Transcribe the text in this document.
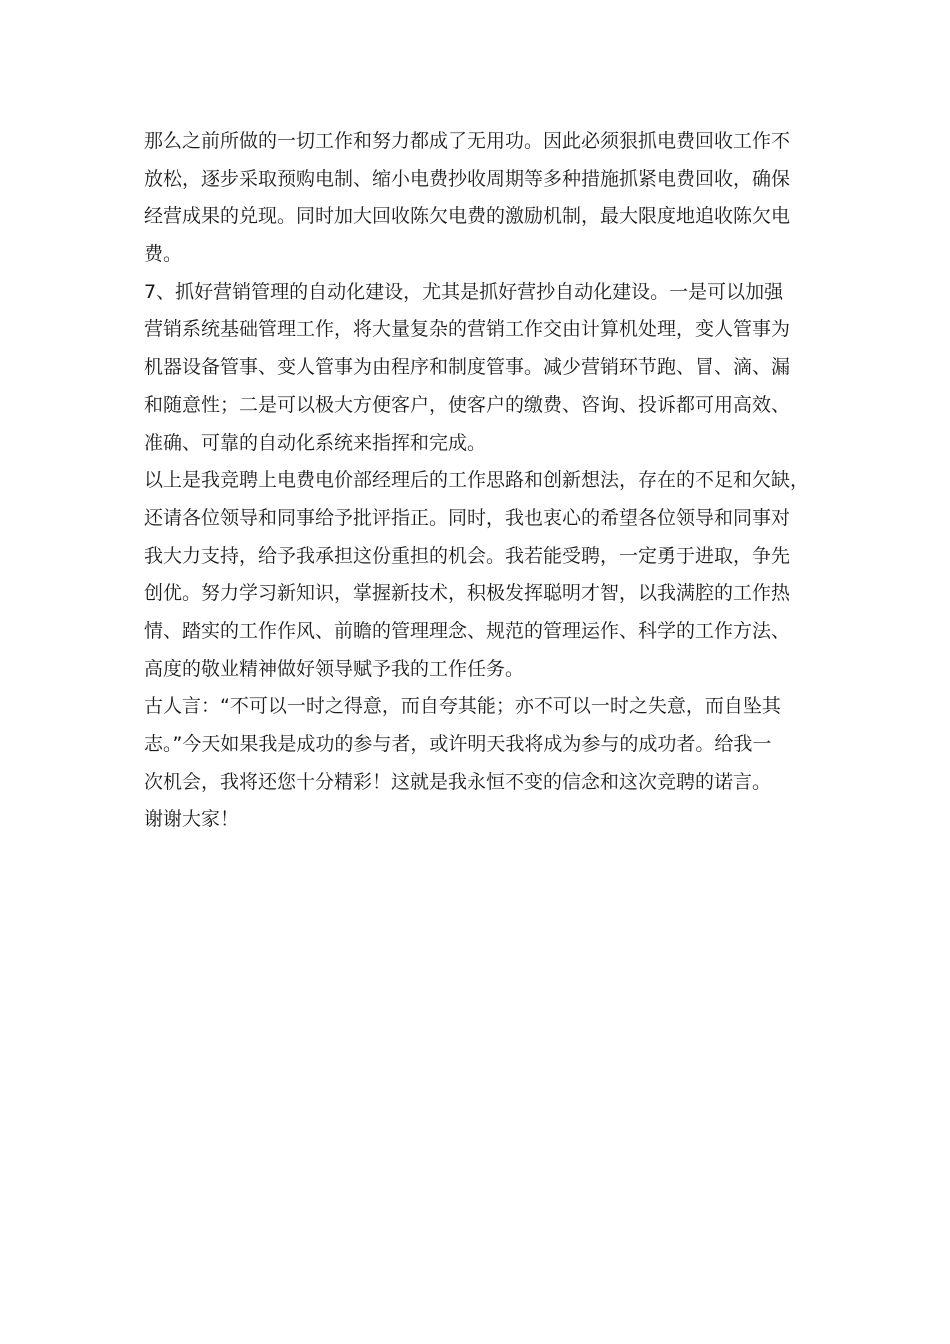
那么之前所做的一切工作和努力都成了无用功。因此必须狠抓电费回收工作不
放松，逐步采取预购电制、缩小电费抄收周期等多种措施抓紧电费回收，确保
经营成果的兑现。同时加大回收陈欠电费的激励机制，最大限度地追收陈欠电
费。
7、抓好营销管理的自动化建设，尤其是抓好营抄自动化建设。一是可以加强
营销系统基础管理工作，将大量复杂的营销工作交由计算机处理，变人管事为
机器设备管事、变人管事为由程序和制度管事。减少营销环节跑、冒、滴、漏
和随意性；二是可以极大方便客户，使客户的缴费、咨询、投诉都可用高效、
准确、可靠的自动化系统来指挥和完成。
以上是我竞聘上电费电价部经理后的工作思路和创新想法，存在的不足和欠缺，
还请各位领导和同事给予批评指正。同时，我也衷心的希望各位领导和同事对
我大力支持，给予我承担这份重担的机会。我若能受聘，一定勇于进取，争先
创优。努力学习新知识，掌握新技术，积极发挥聪明才智，以我满腔的工作热
情、踏实的工作作风、前瞻的管理理念、规范的管理运作、科学的工作方法、
高度的敬业精神做好领导赋予我的工作任务。
古人言：“不可以一时之得意，而自夸其能；亦不可以一时之失意，而自坠其
志。”今天如果我是成功的参与者，或许明天我将成为参与的成功者。给我一
次机会，我将还您十分精彩！这就是我永恒不变的信念和这次竞聘的诺言。
谢谢大家！
